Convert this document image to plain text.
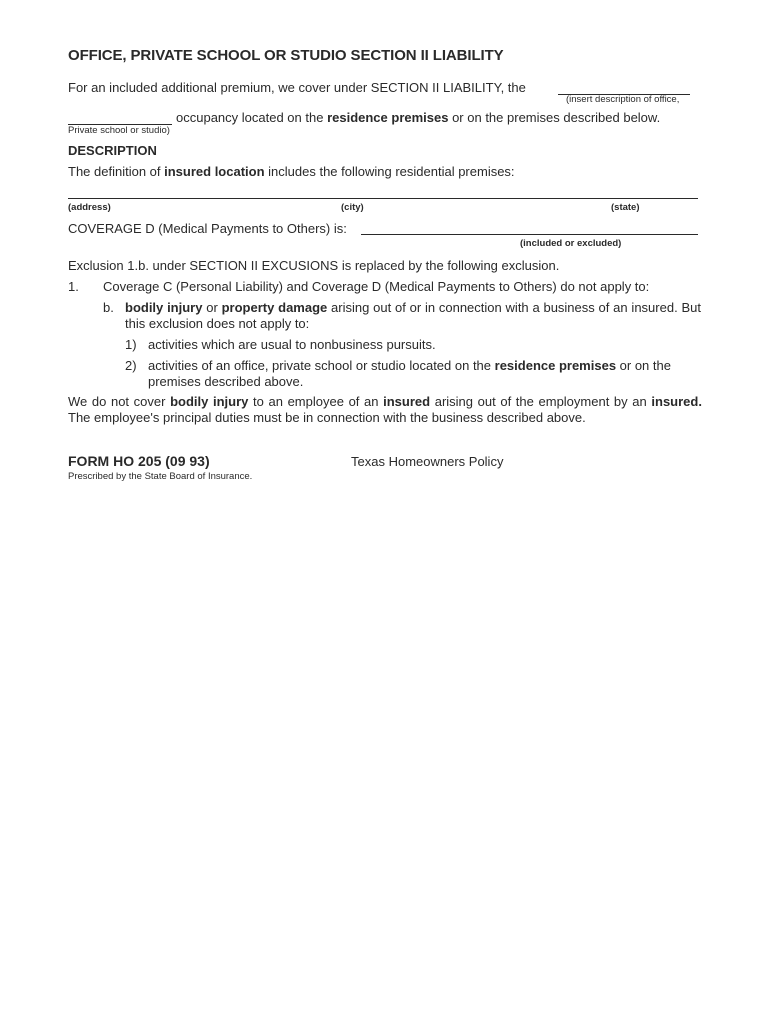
OFFICE, PRIVATE SCHOOL OR STUDIO SECTION II LIABILITY
For an included additional premium, we cover under SECTION II LIABILITY, the
(insert description of office,
occupancy located on the residence premises or on the premises described below.
Private school or studio)
DESCRIPTION
The definition of insured location includes the following residential premises:
(address)	(city)	(state)
COVERAGE D (Medical Payments to Others) is:
(included or excluded)
Exclusion 1.b. under SECTION II EXCUSIONS is replaced by the following exclusion.
1. Coverage C (Personal Liability) and Coverage D (Medical Payments to Others) do not apply to:
b. bodily injury or property damage arising out of or in connection with a business of an insured. But this exclusion does not apply to:
1) activities which are usual to nonbusiness pursuits.
2) activities of an office, private school or studio located on the residence premises or on the premises described above.
We do not cover bodily injury to an employee of an insured arising out of the employment by an insured. The employee's principal duties must be in connection with the business described above.
FORM HO 205 (09 93)	Texas Homeowners Policy
Prescribed by the State Board of Insurance.
